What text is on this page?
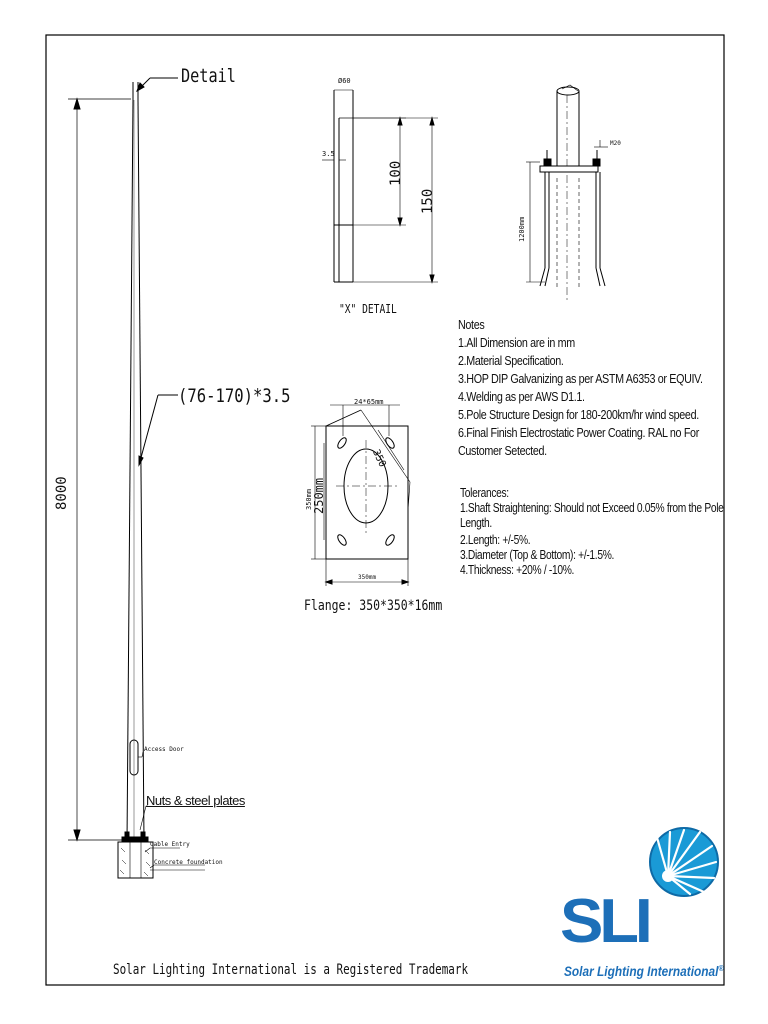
Detail
(76-170)*3.5
8000
Access Door
Nuts & steel plates
Cable Entry
Concrete foundation
Ø60
3.5
100
150
"X" DETAIL
M20
1200mm
24*65mm
350
250mm
350mm
350mm
Flange: 350*350*16mm
Notes
1.All Dimension are in mm
2.Material Specification.
3.HOP DIP Galvanizing as per ASTM A6353 or EQUIV.
4.Welding as per AWS D1.1.
5.Pole Structure Design for 180-200km/hr wind speed.
6.Final Finish Electrostatic Power Coating. RAL no For
Customer Setected.
Tolerances:
1.Shaft Straightening: Should not Exceed 0.05% from the Pole
Length.
2.Length: +/-5%.
3.Diameter (Top & Bottom): +/-1.5%.
4.Thickness: +20% / -10%.
Solar Lighting International is a Registered Trademark
SLI
Solar Lighting International®
